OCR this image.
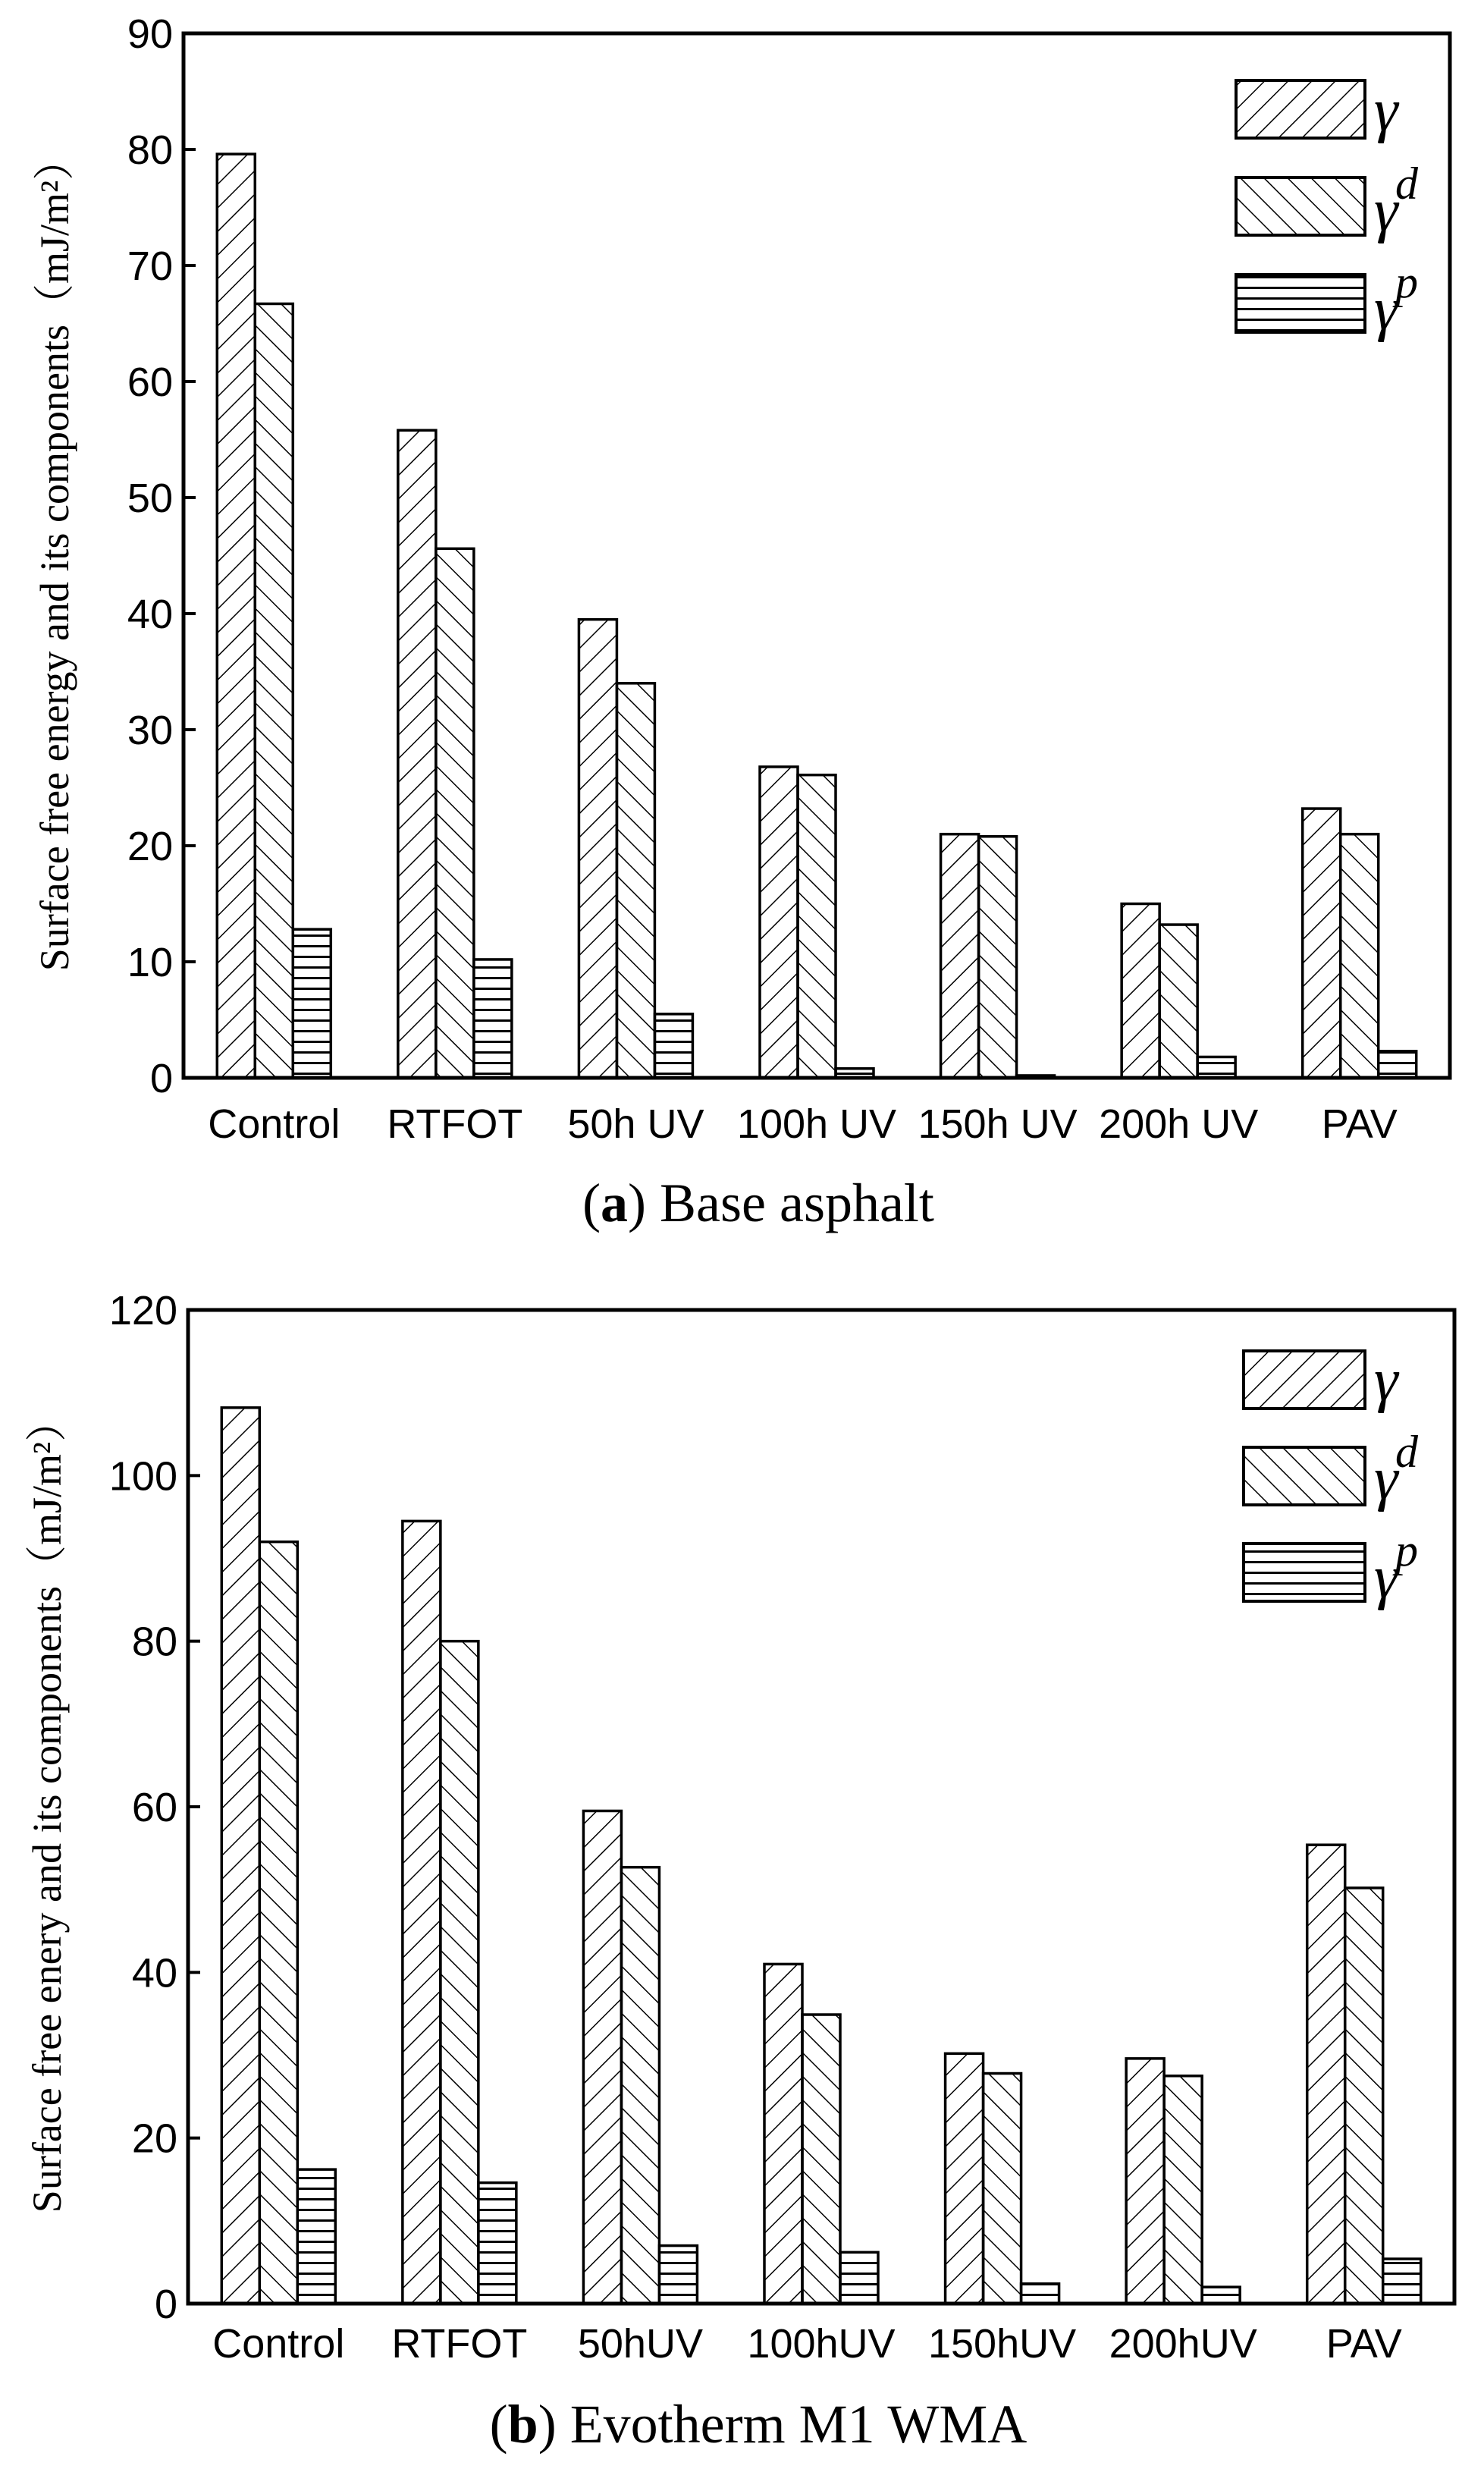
0
10
20
30
40
50
60
70
80
90
Control RTFOT 50h UV 100h UV 150h UV 200h UV PAV
Surface free energy and its components（mJ/m²）
γ
γ
d
γ
p
(a) Base asphalt
0
20
40
60
80
100
120
Control RTFOT 50hUV 100hUV 150hUV 200hUV PAV
Surface free enery and its components（mJ/m²）
γ
γ
d
γ
p
(b) Evotherm M1 WMA
